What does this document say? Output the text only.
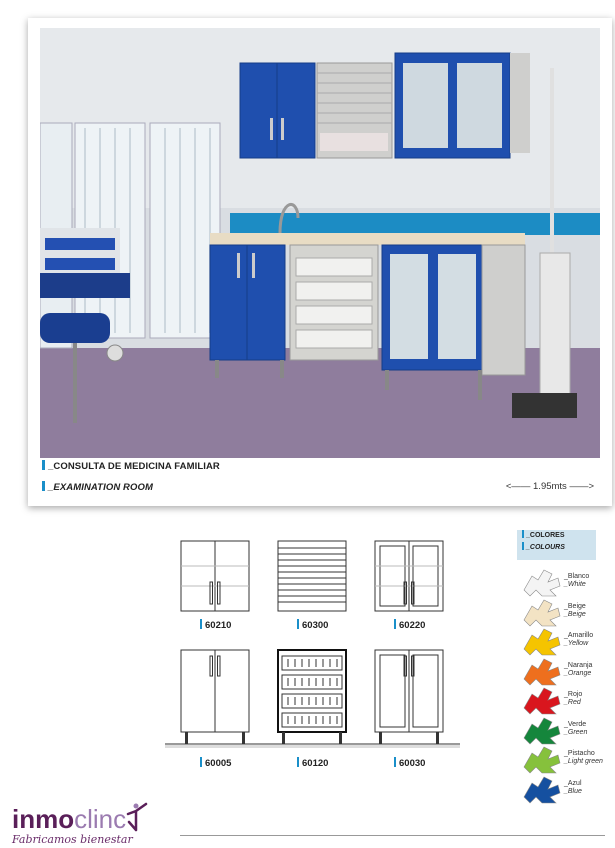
_CONSULTA DE MEDICINA FAMILIAR
_EXAMINATION ROOM	<—— 1.95mts ——>
60210	60300	60220
60005	60120	60030
_COLORES
_COLOURS
_Blanco
_White
_Beige
_Beige
_Amarillo
_Yellow
_Naranja
_Orange
_Rojo
_Red
_Verde
_Green
_Pistacho
_Light green
_Azul
_Blue
inmoclinc
Fabricamos bienestar
